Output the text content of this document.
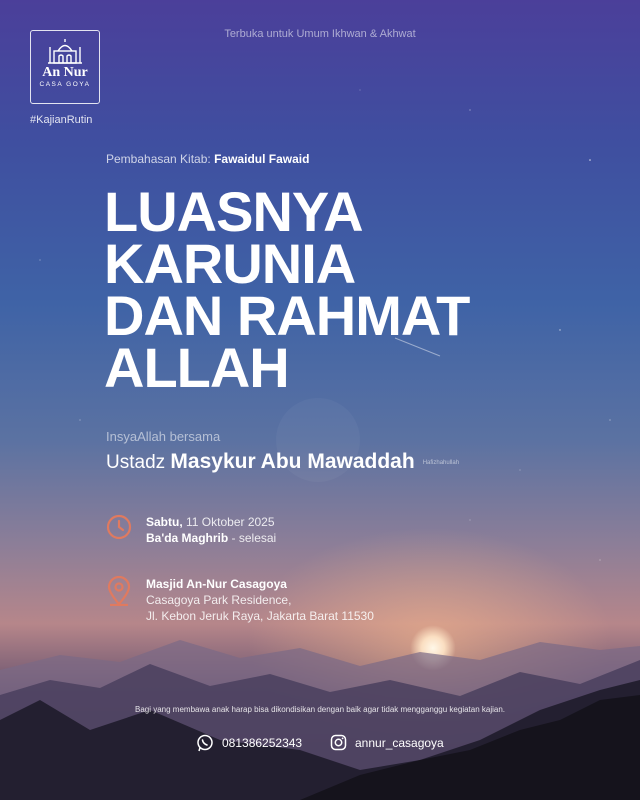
Terbuka untuk Umum Ikhwan & Akhwat
An Nur
CASA GOYA
#KajianRutin
Pembahasan Kitab: Fawaidul Fawaid
LUASNYA
KARUNIA
DAN RAHMAT
ALLAH
InsyaAllah bersama
Ustadz Masykur Abu Mawaddah Hafizhahullah
Sabtu, 11 Oktober 2025
Ba'da Maghrib - selesai
Masjid An-Nur Casagoya
Casagoya Park Residence,
Jl. Kebon Jeruk Raya, Jakarta Barat 11530
Bagi yang membawa anak harap bisa dikondisikan dengan baik agar tidak mengganggu kegiatan kajian.
081386252343	annur_casagoya
